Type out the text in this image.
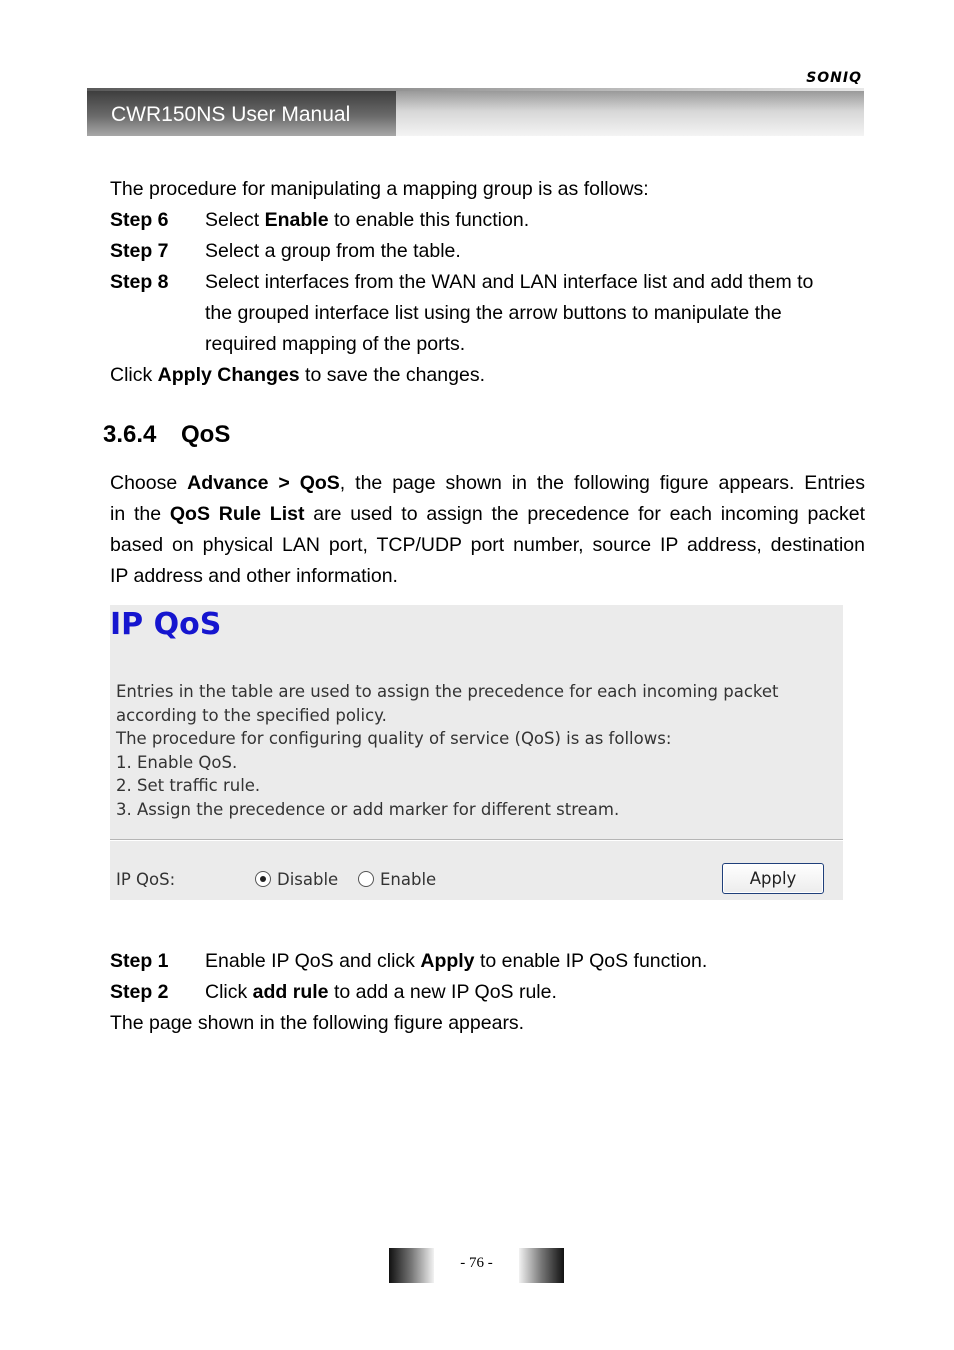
SONIQ
CWR150NS User Manual
The procedure for manipulating a mapping group is as follows:
Step 6 Select Enable to enable this function.
Step 7 Select a group from the table.
Step 8 Select interfaces from the WAN and LAN interface list and add them to
the grouped interface list using the arrow buttons to manipulate the
required mapping of the ports.
Click Apply Changes to save the changes.
3.6.4 QoS
Choose Advance > QoS, the page shown in the following figure appears. Entries
in the QoS Rule List are used to assign the precedence for each incoming packet
based on physical LAN port, TCP/UDP port number, source IP address, destination
IP address and other information.
IP QoS
Entries in the table are used to assign the precedence for each incoming packet
according to the specified policy.
The procedure for configuring quality of service (QoS) is as follows:
1. Enable QoS.
2. Set traffic rule.
3. Assign the precedence or add marker for different stream.
IP QoS:	Disable	Enable	Apply
Step 1 Enable IP QoS and click Apply to enable IP QoS function.
Step 2 Click add rule to add a new IP QoS rule.
The page shown in the following figure appears.
- 76 -
